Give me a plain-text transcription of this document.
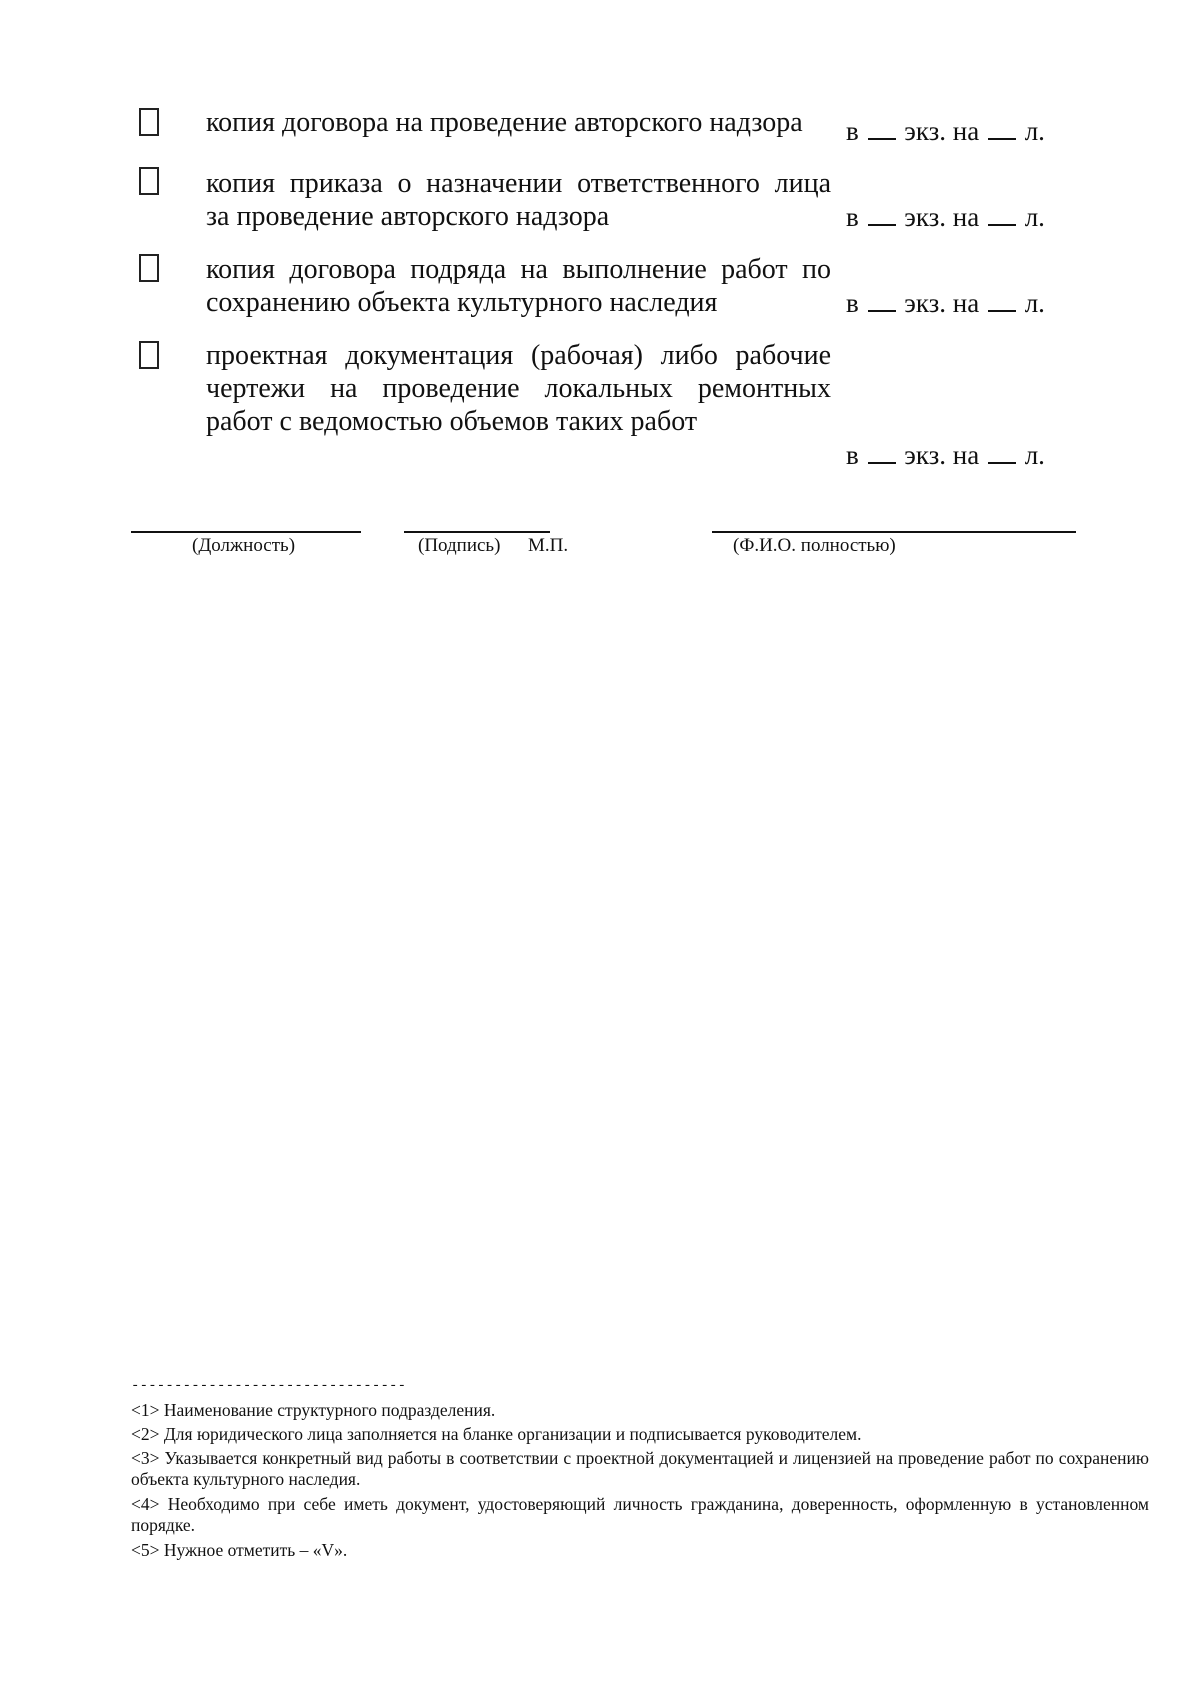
копия договора на проведение авторского надзора	в экз. на л.
копия приказа о назначении ответственного лица
за проведение авторского надзора	в экз. на л.
копия договора подряда на выполнение работ по
сохранению объекта культурного наследия	в экз. на л.
проектная документация (рабочая) либо рабочие
чертежи на проведение локальных ремонтных
работ с ведомостью объемов таких работ
в экз. на л.
(Должность)	(Подпись) М.П.	(Ф.И.О. полностью)
--------------------------------
<1> Наименование структурного подразделения.
<2> Для юридического лица заполняется на бланке организации и подписывается руководителем.
<3> Указывается конкретный вид работы в соответствии с проектной документацией и лицензией на проведение работ по сохранению объекта культурного наследия.
<4> Необходимо при себе иметь документ, удостоверяющий личность гражданина, доверенность, оформленную в установленном порядке.
<5> Нужное отметить – «V».
